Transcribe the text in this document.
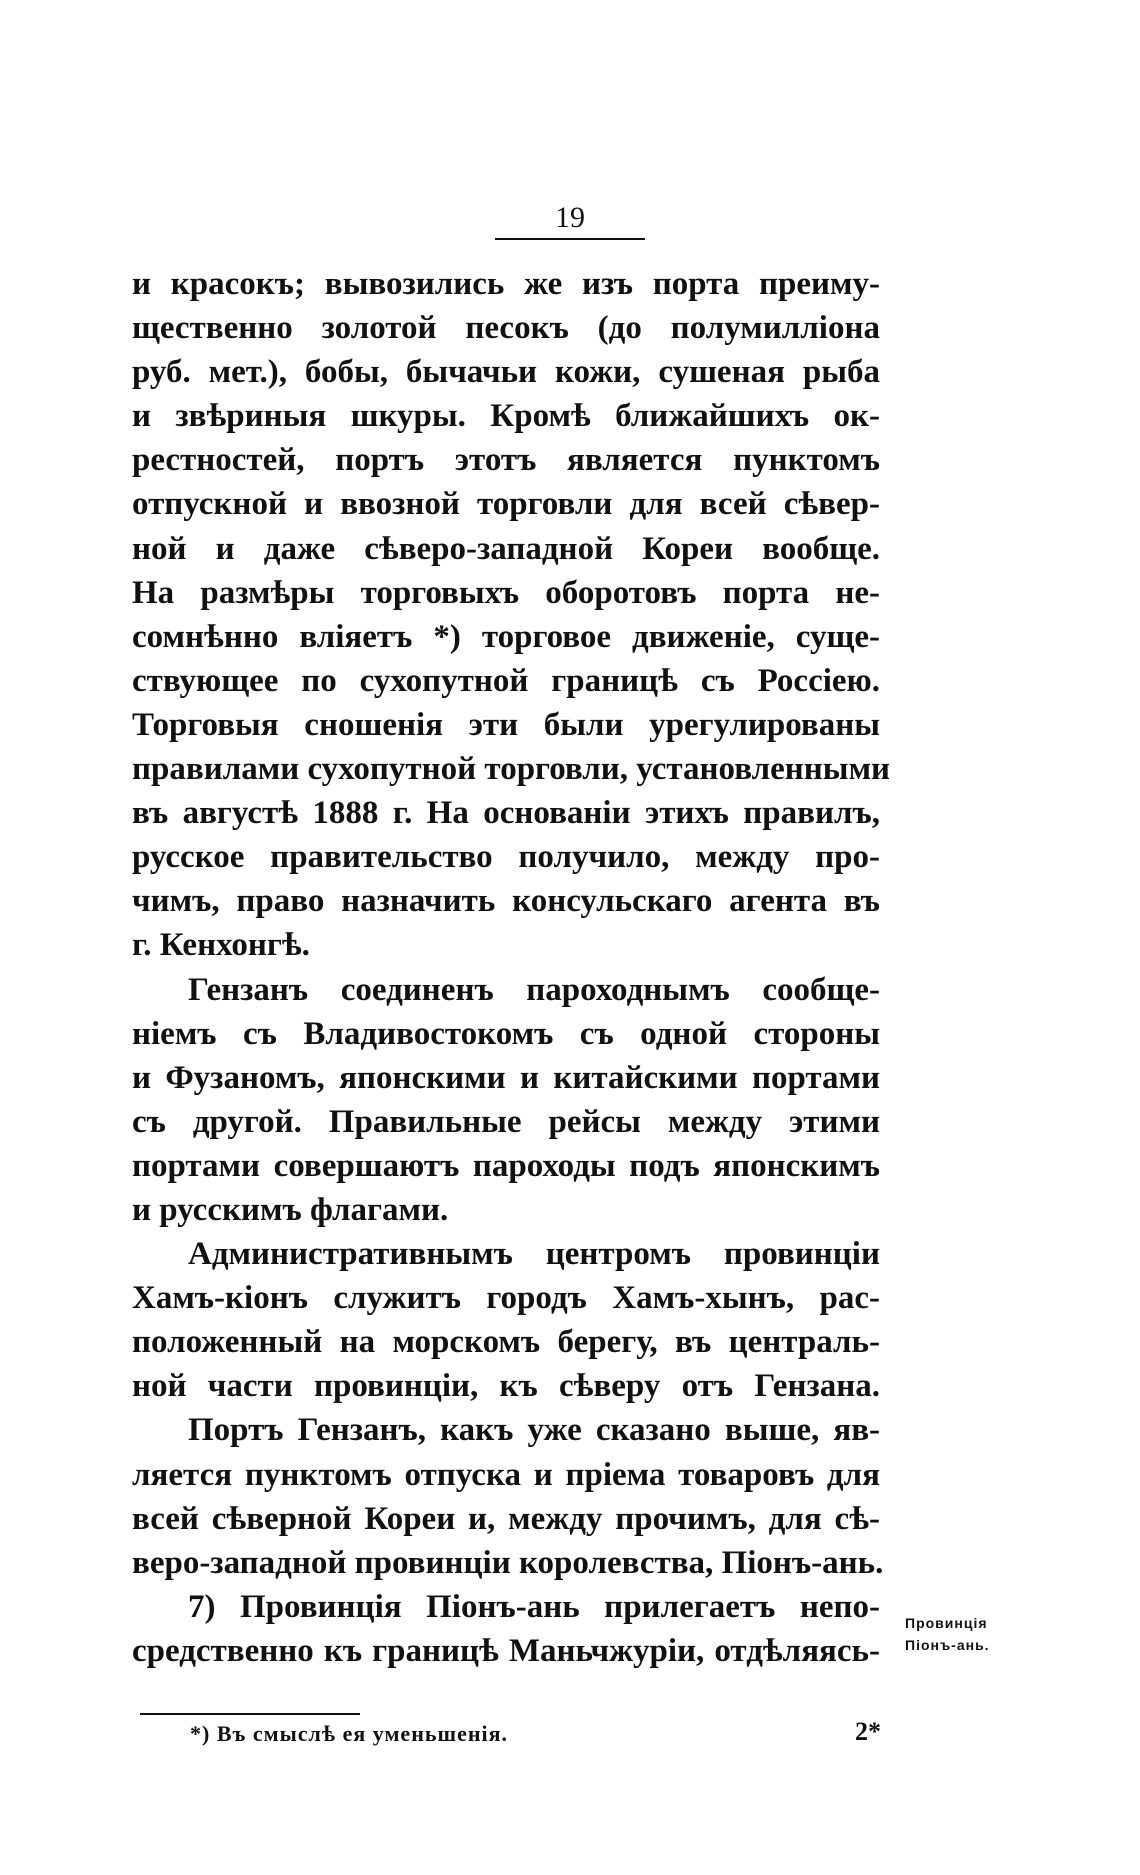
19
и красокъ; вывозились же изъ порта преиму-
щественно золотой песокъ (до полумилліона
руб. мет.), бобы, бычачьи кожи, сушеная рыба
и звѣриныя шкуры. Кромѣ ближайшихъ ок-
рестностей, портъ этотъ является пунктомъ
отпускной и ввозной торговли для всей сѣвер-
ной и даже сѣверо-западной Кореи вообще.
На размѣры торговыхъ оборотовъ порта не-
сомнѣнно вліяетъ *) торговое движеніе, суще-
ствующее по сухопутной границѣ съ Россіею.
Торговыя сношенія эти были урегулированы
правилами сухопутной торговли, установленными
въ августѣ 1888 г. На основаніи этихъ правилъ,
русское правительство получило, между про-
чимъ, право назначить консульскаго агента въ
г. Кенхонгѣ.
Гензанъ соединенъ пароходнымъ сообще-
ніемъ съ Владивостокомъ съ одной стороны
и Фузаномъ, японскими и китайскими портами
съ другой. Правильные рейсы между этими
портами совершаютъ пароходы подъ японскимъ
и русскимъ флагами.
Административнымъ центромъ провинціи
Хамъ-кіонъ служитъ городъ Хамъ-хынъ, рас-
положенный на морскомъ берегу, въ централь-
ной части провинціи, къ сѣверу отъ Гензана.
Портъ Гензанъ, какъ уже сказано выше, яв-
ляется пунктомъ отпуска и пріема товаровъ для
всей сѣверной Кореи и, между прочимъ, для сѣ-
веро-западной провинціи королевства, Піонъ-ань.
7) Провинція Піонъ-ань прилегаетъ непо-
средственно къ границѣ Маньчжуріи, отдѣляясь-
Провинція
Піонъ-ань.
*) Въ смыслѣ ея уменьшенія.	2*
